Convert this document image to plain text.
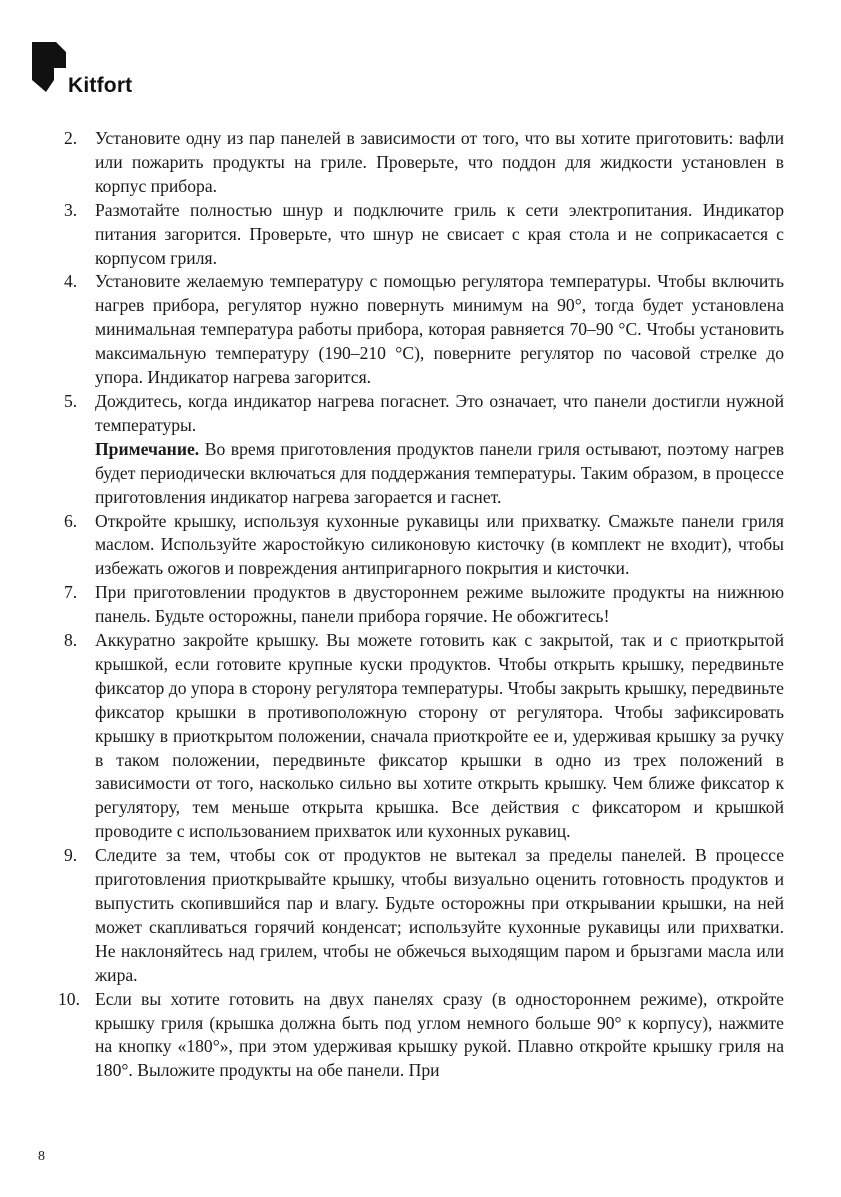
Kitfort
2. Установите одну из пар панелей в зависимости от того, что вы хотите приготовить: вафли или пожарить продукты на гриле. Проверьте, что поддон для жидкости установлен в корпус прибора.
3. Размотайте полностью шнур и подключите гриль к сети электропитания. Индикатор питания загорится. Проверьте, что шнур не свисает с края стола и не соприкасается с корпусом гриля.
4. Установите желаемую температуру с помощью регулятора температуры. Чтобы включить нагрев прибора, регулятор нужно повернуть минимум на 90°, тогда будет установлена минимальная температура работы прибора, которая равняется 70–90 °С. Чтобы установить максимальную температуру (190–210 °С), поверните регулятор по часовой стрелке до упора. Индикатор нагрева загорится.
5. Дождитесь, когда индикатор нагрева погаснет. Это означает, что панели достигли нужной температуры.
Примечание. Во время приготовления продуктов панели гриля остывают, поэтому нагрев будет периодически включаться для поддержания температуры. Таким образом, в процессе приготовления индикатор нагрева загорается и гаснет.
6. Откройте крышку, используя кухонные рукавицы или прихватку. Смажьте панели гриля маслом. Используйте жаростойкую силиконовую кисточку (в комплект не входит), чтобы избежать ожогов и повреждения антипригарного покрытия и кисточки.
7. При приготовлении продуктов в двустороннем режиме выложите продукты на нижнюю панель. Будьте осторожны, панели прибора горячие. Не обожгитесь!
8. Аккуратно закройте крышку. Вы можете готовить как с закрытой, так и с приоткрытой крышкой, если готовите крупные куски продуктов. Чтобы открыть крышку, передвиньте фиксатор до упора в сторону регулятора температуры. Чтобы закрыть крышку, передвиньте фиксатор крышки в противоположную сторону от регулятора. Чтобы зафиксировать крышку в приоткрытом положении, сначала приоткройте ее и, удерживая крышку за ручку в таком положении, передвиньте фиксатор крышки в одно из трех положений в зависимости от того, насколько сильно вы хотите открыть крышку. Чем ближе фиксатор к регулятору, тем меньше открыта крышка. Все действия с фиксатором и крышкой проводите с использованием прихваток или кухонных рукавиц.
9. Следите за тем, чтобы сок от продуктов не вытекал за пределы панелей. В процессе приготовления приоткрывайте крышку, чтобы визуально оценить готовность продуктов и выпустить скопившийся пар и влагу. Будьте осторожны при открывании крышки, на ней может скапливаться горячий конденсат; используйте кухонные рукавицы или прихватки. Не наклоняйтесь над грилем, чтобы не обжечься выходящим паром и брызгами масла или жира.
10. Если вы хотите готовить на двух панелях сразу (в одностороннем режиме), откройте крышку гриля (крышка должна быть под углом немного больше 90° к корпусу), нажмите на кнопку «180°», при этом удерживая крышку рукой. Плавно откройте крышку гриля на 180°. Выложите продукты на обе панели. При
8
